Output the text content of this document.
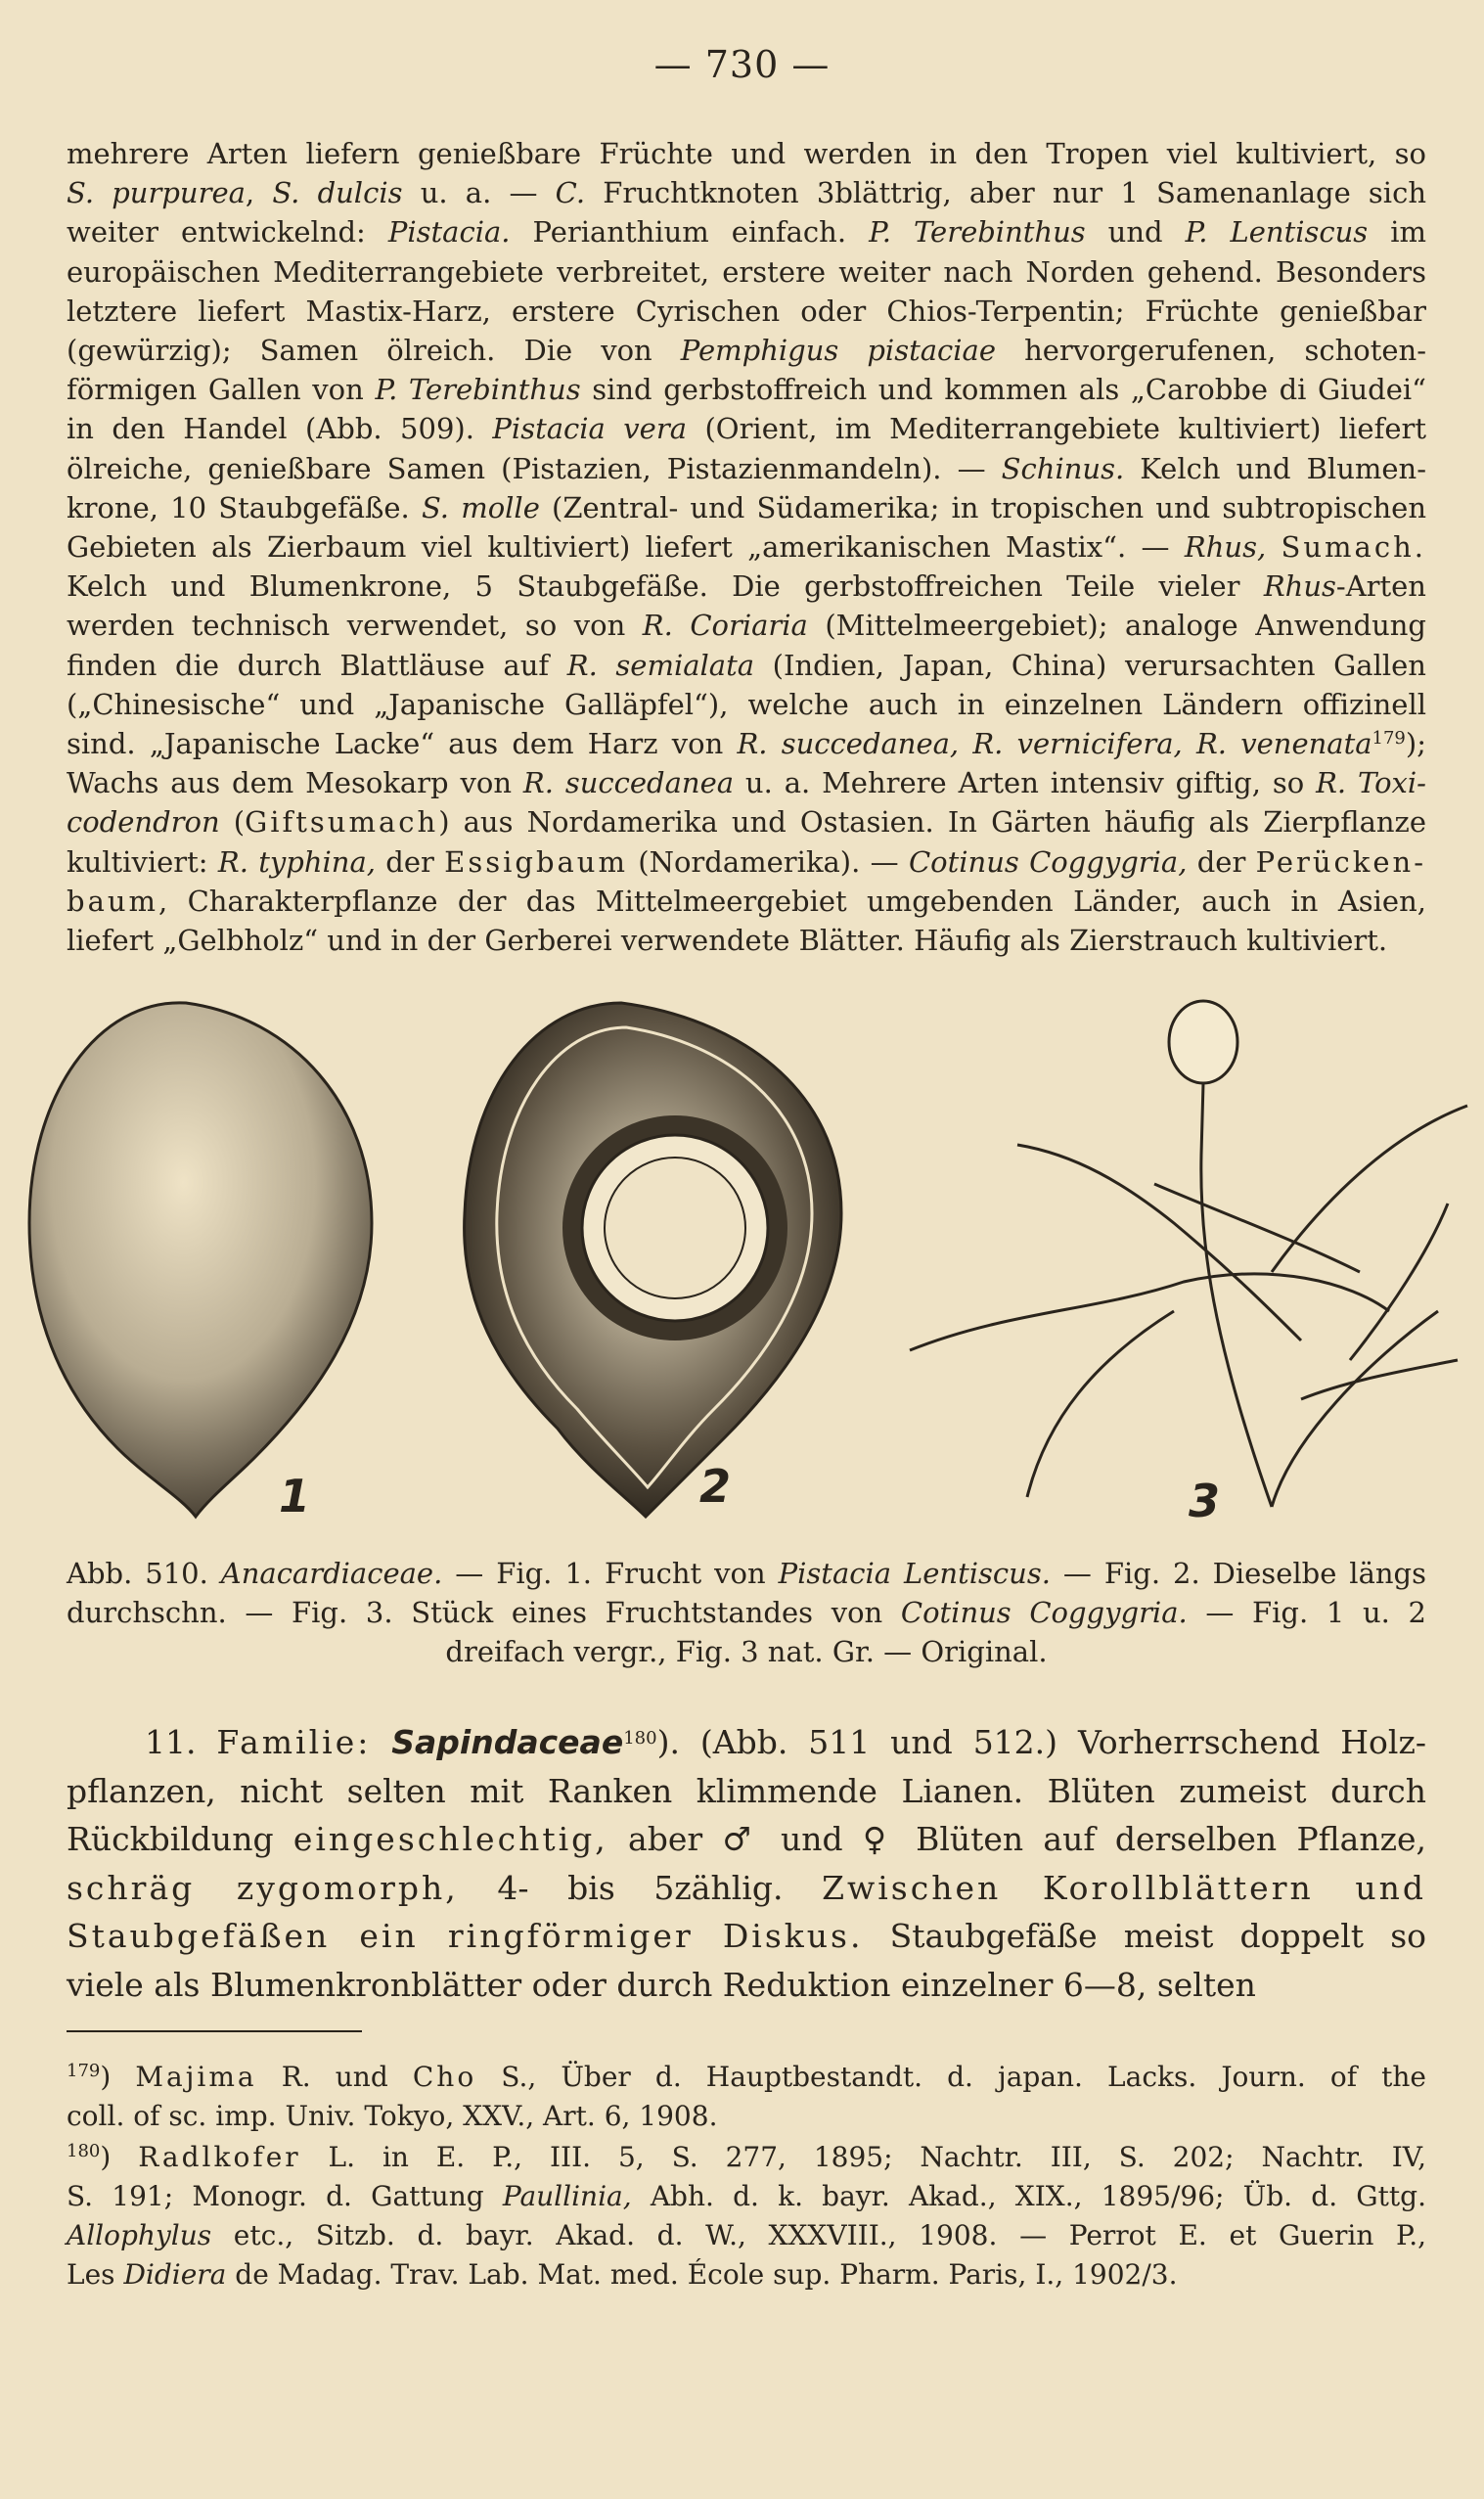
— 730 —
mehrere Arten liefern genießbare Früchte und werden in den Tropen viel kultiviert, so
S. purpurea, S. dulcis u. a. — C. Fruchtknoten 3blättrig, aber nur 1 Samenanlage sich
weiter entwickelnd: Pistacia. Perianthium einfach. P. Terebinthus und P. Lentiscus im
europäischen Mediterrangebiete verbreitet, erstere weiter nach Norden gehend. Besonders
letztere liefert Mastix-Harz, erstere Cyrischen oder Chios-Terpentin; Früchte genießbar
(gewürzig); Samen ölreich. Die von Pemphigus pistaciae hervorgerufenen, schoten-
förmigen Gallen von P. Terebinthus sind gerbstoffreich und kommen als „Carobbe di Giudei“
in den Handel (Abb. 509). Pistacia vera (Orient, im Mediterrangebiete kultiviert) liefert
ölreiche, genießbare Samen (Pistazien, Pistazienmandeln). — Schinus. Kelch und Blumen-
krone, 10 Staubgefäße. S. molle (Zentral- und Südamerika; in tropischen und subtropischen
Gebieten als Zierbaum viel kultiviert) liefert „amerikanischen Mastix“. — Rhus, Sumach.
Kelch und Blumenkrone, 5 Staubgefäße. Die gerbstoffreichen Teile vieler Rhus-Arten
werden technisch verwendet, so von R. Coriaria (Mittelmeergebiet); analoge Anwendung
finden die durch Blattläuse auf R. semialata (Indien, Japan, China) verursachten Gallen
(„Chinesische“ und „Japanische Galläpfel“), welche auch in einzelnen Ländern offizinell
sind. „Japanische Lacke“ aus dem Harz von R. succedanea, R. vernicifera, R. venenata$^{179}$);
Wachs aus dem Mesokarp von R. succedanea u. a. Mehrere Arten intensiv giftig, so R. Toxi-
codendron (Giftsumach) aus Nordamerika und Ostasien. In Gärten häufig als Zierpflanze
kultiviert: R. typhina, der Essigbaum (Nordamerika). — Cotinus Coggygria, der Perücken-
baum, Charakterpflanze der das Mittelmeergebiet umgebenden Länder, auch in Asien,
liefert „Gelbholz“ und in der Gerberei verwendete Blätter. Häufig als Zierstrauch kultiviert.
1	2	3
Abb. 510. Anacardiaceae. — Fig. 1. Frucht von Pistacia Lentiscus. — Fig. 2. Dieselbe längs
durchschn. — Fig. 3. Stück eines Fruchtstandes von Cotinus Coggygria. — Fig. 1 u. 2
dreifach vergr., Fig. 3 nat. Gr. — Original.
11. Familie: Sapindaceae$^{180}$). (Abb. 511 und 512.) Vorherrschend Holz-
pflanzen, nicht selten mit Ranken klimmende Lianen. Blüten zumeist durch
Rückbildung eingeschlechtig, aber ♂ und ♀ Blüten auf derselben Pflanze,
schräg zygomorph, 4- bis 5zählig. Zwischen Korollblättern und
Staubgefäßen ein ringförmiger Diskus. Staubgefäße meist doppelt so
viele als Blumenkronblätter oder durch Reduktion einzelner 6—8, selten
$^{179}$) Majima R. und Cho S., Über d. Hauptbestandt. d. japan. Lacks. Journ. of the
coll. of sc. imp. Univ. Tokyo, XXV., Art. 6, 1908.
$^{180}$) Radlkofer L. in E. P., III. 5, S. 277, 1895; Nachtr. III, S. 202; Nachtr. IV,
S. 191; Monogr. d. Gattung Paullinia, Abh. d. k. bayr. Akad., XIX., 1895/96; Üb. d. Gttg.
Allophylus etc., Sitzb. d. bayr. Akad. d. W., XXXVIII., 1908. — Perrot E. et Guerin P.,
Les Didiera de Madag. Trav. Lab. Mat. med. École sup. Pharm. Paris, I., 1902/3.
